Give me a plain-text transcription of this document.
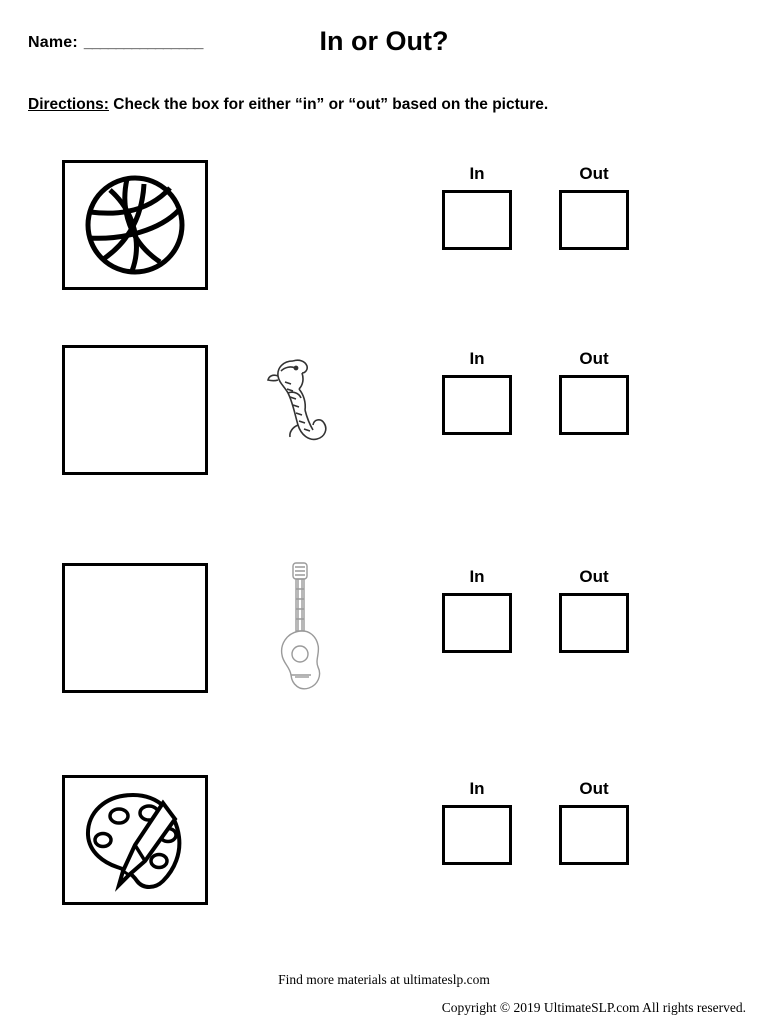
Name: _______________	In or Out?
Directions: Check the box for either “in” or “out” based on the picture.
In	Out
In	Out
In	Out
In	Out
Find more materials at ultimateslp.com
Copyright © 2019 UltimateSLP.com All rights reserved.
